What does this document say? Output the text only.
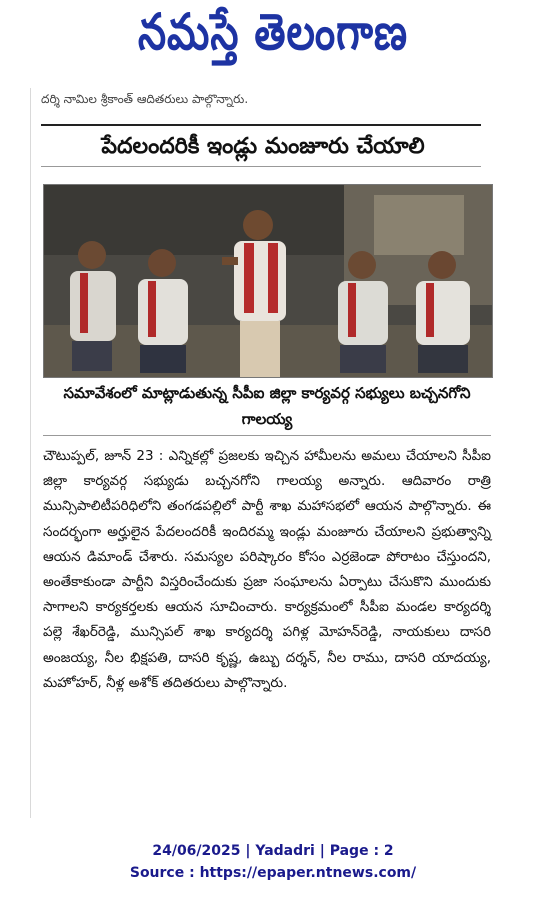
నమస్తే తెలంగాణ
దర్శి నామిల శ్రీకాంత్ ఆదితరులు పాల్గొన్నారు.
పేదలందరికీ ఇండ్లు మంజూరు చేయాలి
సమావేశంలో మాట్లాడుతున్న సీపీఐ జిల్లా కార్యవర్గ సభ్యులు బచ్చనగోని గాలయ్య
చౌటుప్పల్, జూన్ 23 : ఎన్నికల్లో ప్రజలకు ఇచ్చిన హామీలను అమలు చేయాలని సీపీఐ జిల్లా కార్యవర్గ సభ్యుడు బచ్చనగోని గాలయ్య అన్నారు. ఆదివారం రాత్రి మున్సిపాలిటీపరిధిలోని తంగడపల్లిలో పార్టీ శాఖ మహాసభలో ఆయన పాల్గొన్నారు. ఈ సందర్భంగా అర్హులైన పేదలందరికీ ఇందిరమ్మ ఇండ్లు మంజూరు చేయాలని ప్రభుత్వాన్ని ఆయన డిమాండ్ చేశారు. సమస్యల పరిష్కారం కోసం ఎర్రజెండా పోరాటం చేస్తుందని, అంతేకాకుండా పార్టీని విస్తరించేందుకు ప్రజా సంఘాలను ఏర్పాటు చేసుకొని ముందుకు సాగాలని కార్యకర్తలకు ఆయన సూచించారు. కార్యక్రమంలో సీపీఐ మండల కార్యదర్శి పల్లె శేఖర్‌రెడ్డి, మున్సిపల్ శాఖ కార్యదర్శి పగిళ్ల మోహన్‌రెడ్డి, నాయకులు దాసరి అంజయ్య, నీల భిక్షపతి, దాసరి కృష్ణ, ఉబ్బు దర్శన్, నీల రాము, దాసరి యాదయ్య, మహోహర్, నీళ్ల అశోక్ తదితరులు పాల్గొన్నారు.
24/06/2025 | Yadadri | Page : 2
Source : https://epaper.ntnews.com/
